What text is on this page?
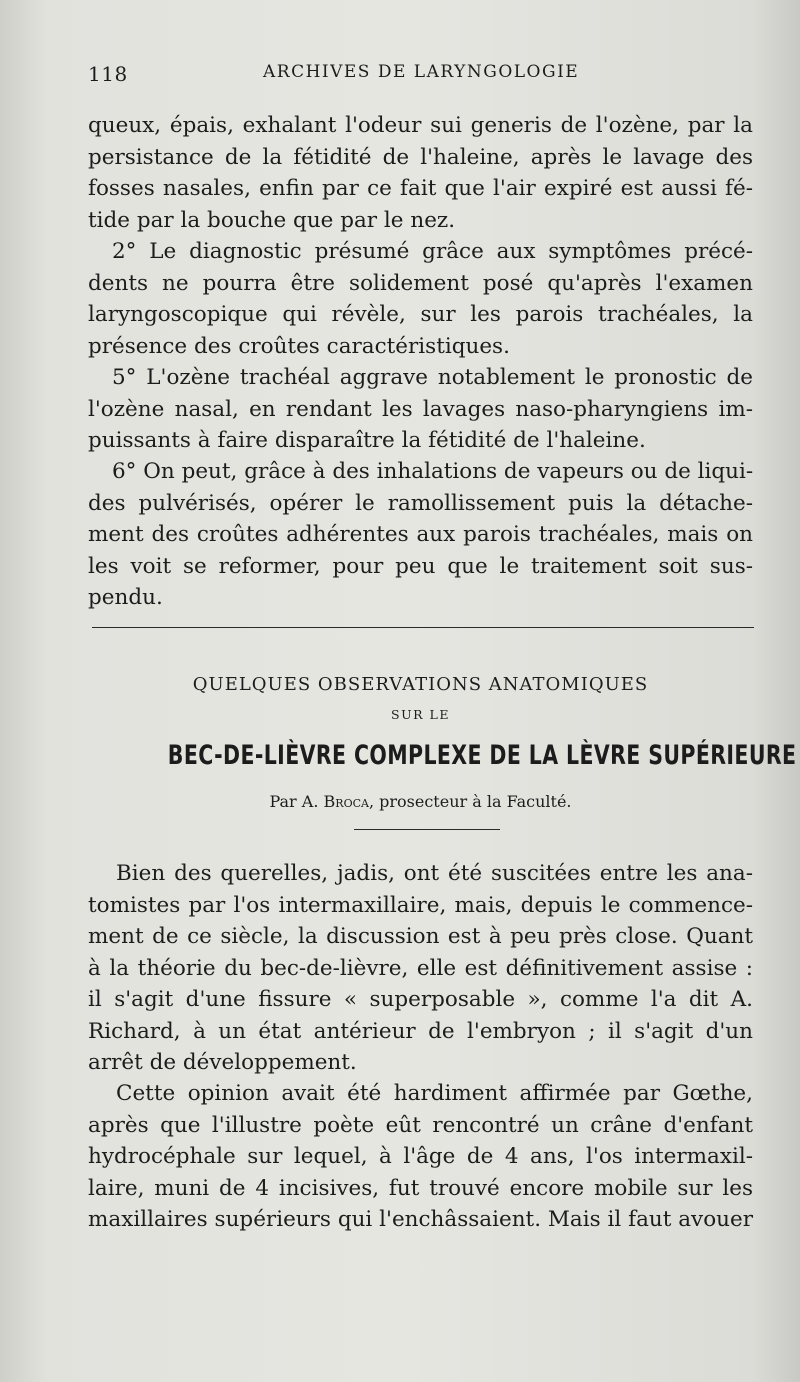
118	ARCHIVES DE LARYNGOLOGIE

queux, épais, exhalant l'odeur sui generis de l'ozène, par la
persistance de la fétidité de l'haleine, après le lavage des
fosses nasales, enfin par ce fait que l'air expiré est aussi fé-
tide par la bouche que par le nez.

2° Le diagnostic présumé grâce aux symptômes précé-
dents ne pourra être solidement posé qu'après l'examen
laryngoscopique qui révèle, sur les parois trachéales, la
présence des croûtes caractéristiques.

5° L'ozène trachéal aggrave notablement le pronostic de
l'ozène nasal, en rendant les lavages naso-pharyngiens im-
puissants à faire disparaître la fétidité de l'haleine.

6° On peut, grâce à des inhalations de vapeurs ou de liqui-
des pulvérisés, opérer le ramollissement puis la détache-
ment des croûtes adhérentes aux parois trachéales, mais on
les voit se reformer, pour peu que le traitement soit sus-
pendu.

QUELQUES OBSERVATIONS ANATOMIQUES
SUR LE
BEC-DE-LIÈVRE COMPLEXE DE LA LÈVRE SUPÉRIEURE
Par A. Broca, prosecteur à la Faculté.

Bien des querelles, jadis, ont été suscitées entre les ana-
tomistes par l'os intermaxillaire, mais, depuis le commence-
ment de ce siècle, la discussion est à peu près close. Quant
à la théorie du bec-de-lièvre, elle est définitivement assise :
il s'agit d'une fissure « superposable », comme l'a dit A.
Richard, à un état antérieur de l'embryon ; il s'agit d'un
arrêt de développement.

Cette opinion avait été hardiment affirmée par Gœthe,
après que l'illustre poète eût rencontré un crâne d'enfant
hydrocéphale sur lequel, à l'âge de 4 ans, l'os intermaxil-
laire, muni de 4 incisives, fut trouvé encore mobile sur les
maxillaires supérieurs qui l'enchâssaient. Mais il faut avouer
